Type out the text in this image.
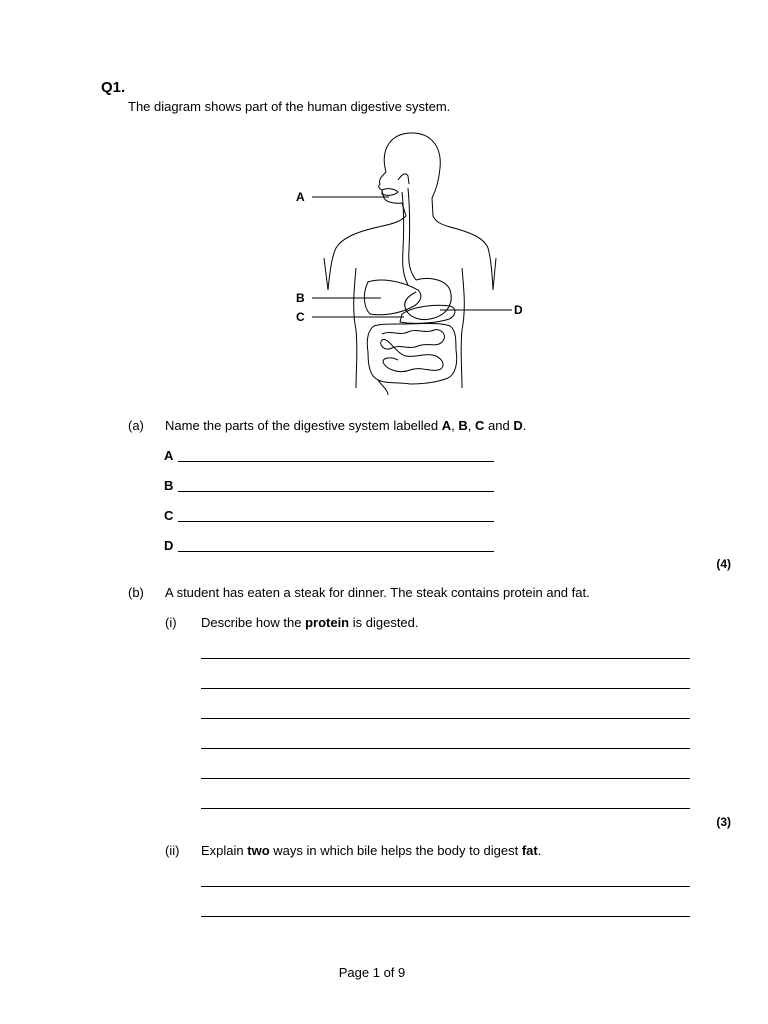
Q1.
The diagram shows part of the human digestive system.
A
B
C	D
(a) Name the parts of the digestive system labelled A, B, C and D.
A
B
C
D
(4)
(b) A student has eaten a steak for dinner. The steak contains protein and fat.
(i) Describe how the protein is digested.
(3)
(ii) Explain two ways in which bile helps the body to digest fat.
Page 1 of 9
